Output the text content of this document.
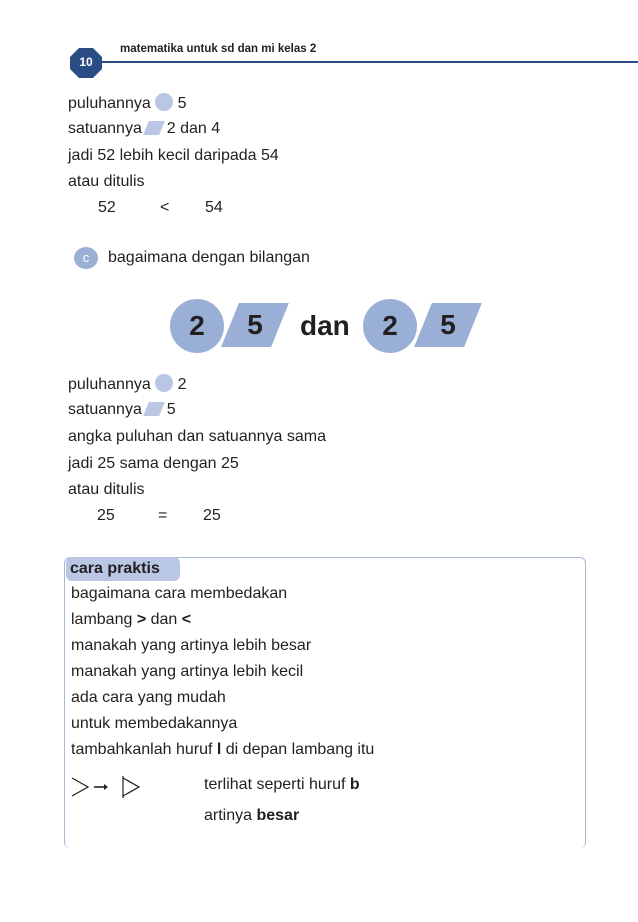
10
matematika untuk sd dan mi kelas 2
puluhannya 5
satuannya 2 dan 4
jadi 52 lebih kecil daripada 54
atau ditulis
52	< 54
c	bagaimana dengan bilangan
2	5	dan	2	5
puluhannya 2
satuannya 5
angka puluhan dan satuannya sama
jadi 25 sama dengan 25
atau ditulis
25	= 25
cara praktis
bagaimana cara membedakan
lambang > dan <
manakah yang artinya lebih besar
manakah yang artinya lebih kecil
ada cara yang mudah
untuk membedakannya
tambahkanlah huruf l di depan lambang itu
terlihat seperti huruf b
artinya besar
